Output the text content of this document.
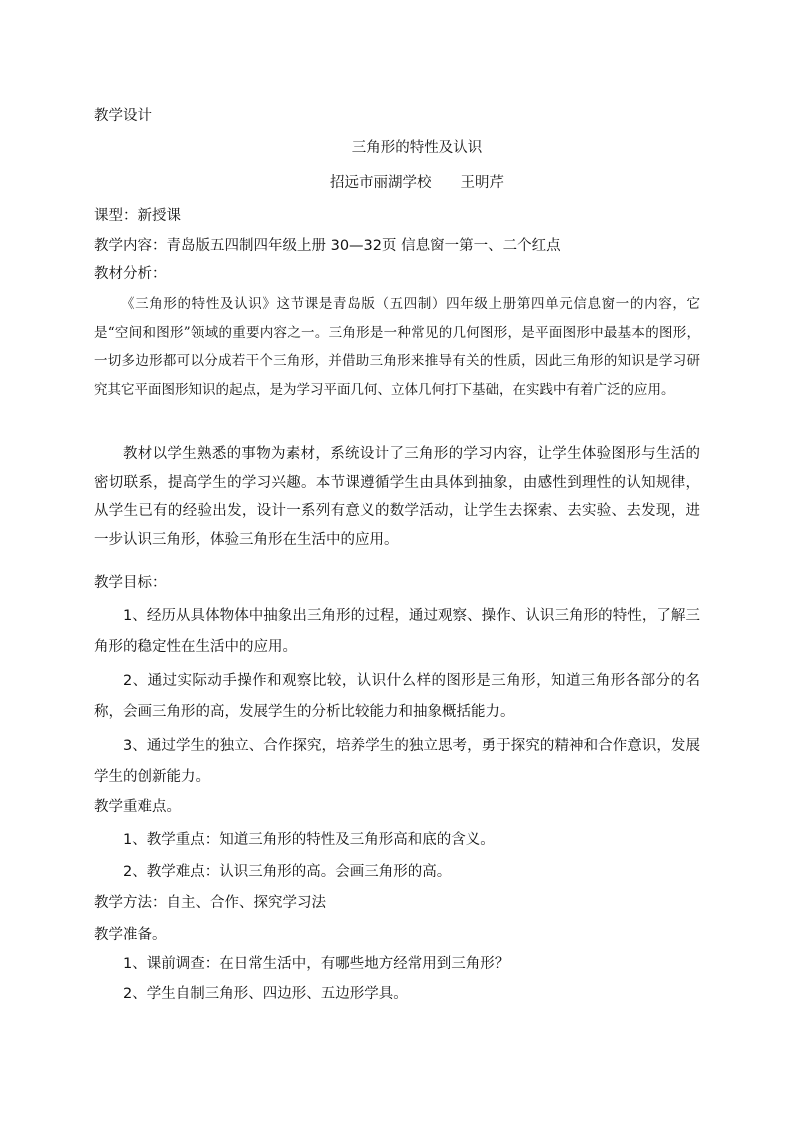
教学设计
三角形的特性及认识
招远市丽湖学校　　王明芹
课型：新授课
教学内容：青岛版五四制四年级上册 30—32页 信息窗一第一、二个红点
教材分析：
《三角形的特性及认识》这节课是青岛版（五四制）四年级上册第四单元信息窗一的内容，它是“空间和图形”领域的重要内容之一。三角形是一种常见的几何图形，是平面图形中最基本的图形，一切多边形都可以分成若干个三角形，并借助三角形来推导有关的性质，因此三角形的知识是学习研究其它平面图形知识的起点，是为学习平面几何、立体几何打下基础，在实践中有着广泛的应用。
教材以学生熟悉的事物为素材，系统设计了三角形的学习内容，让学生体验图形与生活的密切联系，提高学生的学习兴趣。本节课遵循学生由具体到抽象，由感性到理性的认知规律，从学生已有的经验出发，设计一系列有意义的数学活动，让学生去探索、去实验、去发现，进一步认识三角形，体验三角形在生活中的应用。
教学目标：
1、经历从具体物体中抽象出三角形的过程，通过观察、操作、认识三角形的特性，了解三角形的稳定性在生活中的应用。
2、通过实际动手操作和观察比较，认识什么样的图形是三角形，知道三角形各部分的名称，会画三角形的高，发展学生的分析比较能力和抽象概括能力。
3、通过学生的独立、合作探究，培养学生的独立思考，勇于探究的精神和合作意识，发展学生的创新能力。
教学重难点。
1、教学重点：知道三角形的特性及三角形高和底的含义。
2、教学难点：认识三角形的高。会画三角形的高。
教学方法：自主、合作、探究学习法
教学准备。
1、课前调查：在日常生活中，有哪些地方经常用到三角形？
2、学生自制三角形、四边形、五边形学具。
